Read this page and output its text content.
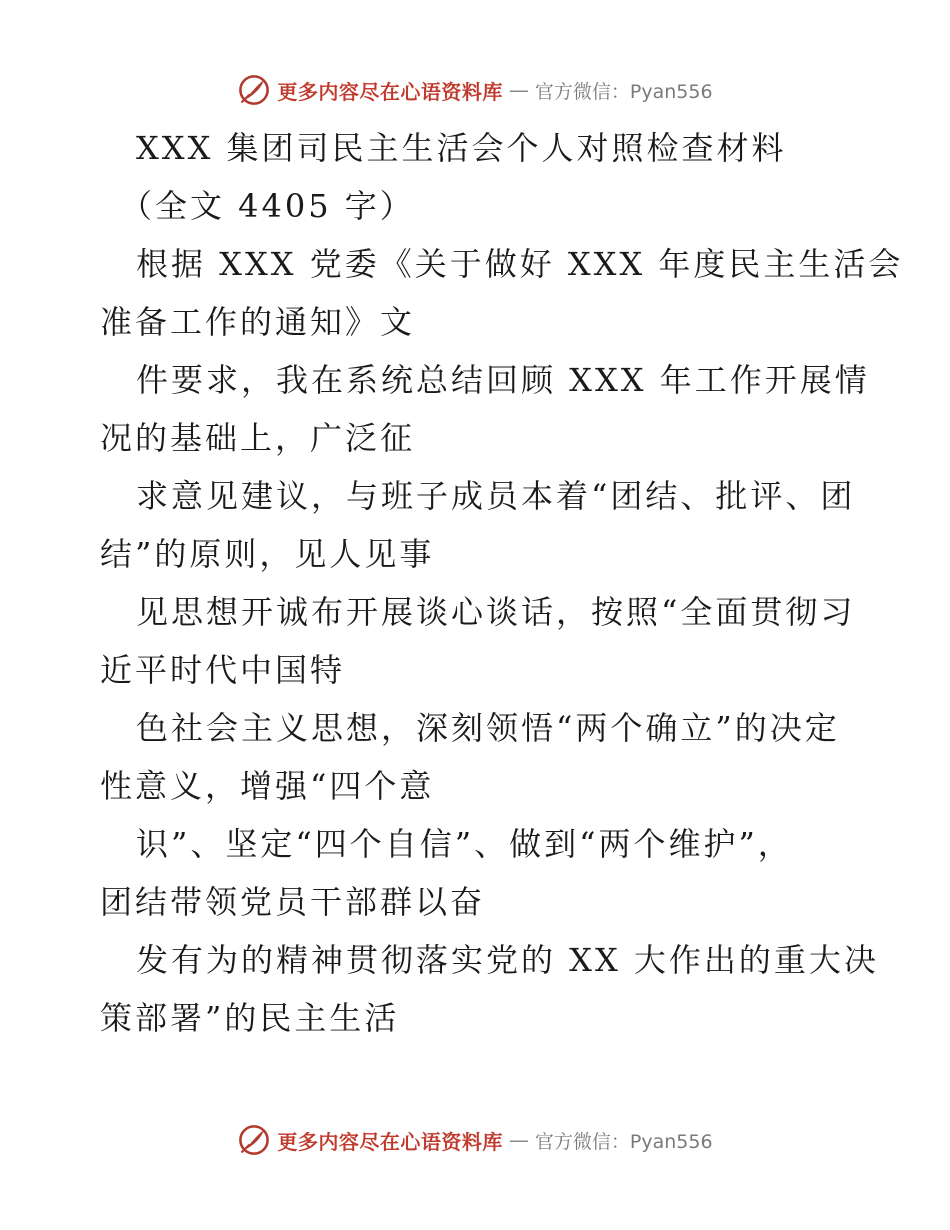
更多内容尽在心语资料库 — 官方微信：Pyan556
XXX 集团司民主生活会个人对照检查材料
（全文 4405 字）
根据 XXX 党委《关于做好 XXX 年度民主生活会
准备工作的通知》文
件要求，我在系统总结回顾 XXX 年工作开展情
况的基础上，广泛征
求意见建议，与班子成员本着“团结、批评、团
结”的原则，见人见事
见思想开诚布开展谈心谈话，按照“全面贯彻习
近平时代中国特
色社会主义思想，深刻领悟“两个确立”的决定
性意义，增强“四个意
识”、坚定“四个自信”、做到“两个维护”，
团结带领党员干部群以奋
发有为的精神贯彻落实党的 XX 大作出的重大决
策部署”的民主生活
更多内容尽在心语资料库 — 官方微信：Pyan556
